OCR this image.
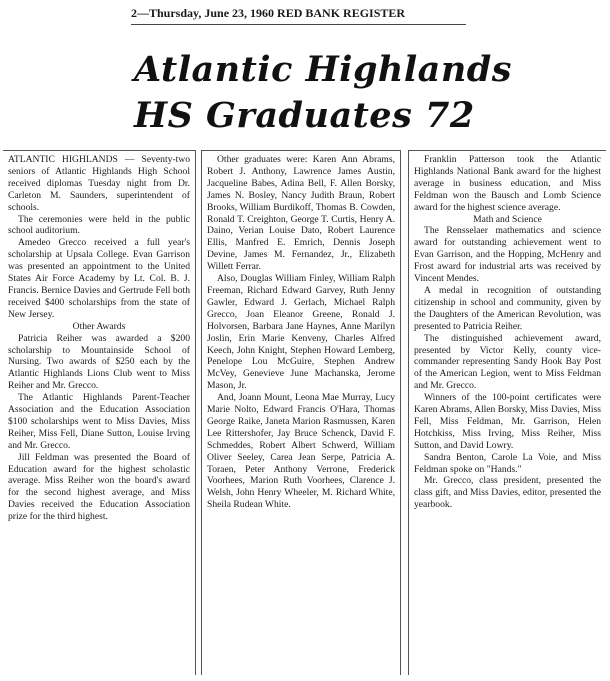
2—Thursday, June 23, 1960 RED BANK REGISTER
Atlantic Highlands
HS Graduates 72

ATLANTIC HIGHLANDS — Seventy-two seniors of Atlantic Highlands High School received diplomas Tuesday night from Dr. Carleton M. Saunders, superintendent of schools.

The ceremonies were held in the public school auditorium.

Amedeo Grecco received a full year's scholarship at Upsala College. Evan Garrison was presented an appointment to the United States Air Force Academy by Lt. Col. B. J. Francis. Bernice Davies and Gertrude Fell both received $400 scholarships from the state of New Jersey.

Other Awards

Patricia Reiher was awarded a $200 scholarship to Mountainside School of Nursing. Two awards of $250 each by the Atlantic Highlands Lions Club went to Miss Reiher and Mr. Grecco.

The Atlantic Highlands Parent-Teacher Association and the Education Association $100 scholarships went to Miss Davies, Miss Reiher, Miss Fell, Diane Sutton, Louise Irving and Mr. Grecco.

Jill Feldman was presented the Board of Education award for the highest scholastic average. Miss Reiher won the board's award for the second highest average, and Miss Davies received the Education Association prize for the third highest.

Other graduates were: Karen Ann Abrams, Robert J. Anthony, Lawrence James Austin, Jacqueline Babes, Adina Bell, F. Allen Borsky, James N. Bosley, Nancy Judith Braun, Robert Brooks, William Burdikoff, Thomas B. Cowden, Ronald T. Creighton, George T. Curtis, Henry A. Daino, Verian Louise Dato, Robert Laurence Ellis, Manfred E. Emrich, Dennis Joseph Devine, James M. Fernandez, Jr., Elizabeth Willett Ferrar.

Also, Douglas William Finley, William Ralph Freeman, Richard Edward Garvey, Ruth Jenny Gawler, Edward J. Gerlach, Michael Ralph Grecco, Joan Eleanor Greene, Ronald J. Holvorsen, Barbara Jane Haynes, Anne Marilyn Joslin, Erin Marie Kenveny, Charles Alfred Keech, John Knight, Stephen Howard Lemberg, Penelope Lou McGuire, Stephen Andrew McVey, Genevieve June Machanska, Jerome Mason, Jr.

And, Joann Mount, Leona Mae Murray, Lucy Marie Nolto, Edward Francis O'Hara, Thomas George Raike, Janeta Marion Rasmussen, Karen Lee Rittershofer, Jay Bruce Schenck, David F. Schmeddes, Robert Albert Schwerd, William Oliver Seeley, Carea Jean Serpe, Patricia A. Toraen, Peter Anthony Verrone, Frederick Voorhees, Marion Ruth Voorhees, Clarence J. Welsh, John Henry Wheeler, M. Richard White, Sheila Rudean White.

Franklin Patterson took the Atlantic Highlands National Bank award for the highest average in business education, and Miss Feldman won the Bausch and Lomb Science award for the highest science average.

Math and Science

The Rensselaer mathematics and science award for outstanding achievement went to Evan Garrison, and the Hopping, McHenry and Frost award for industrial arts was received by Vincent Mendes.

A medal in recognition of outstanding citizenship in school and community, given by the Daughters of the American Revolution, was presented to Patricia Reiher.

The distinguished achievement award, presented by Victor Kelly, county vice-commander representing Sandy Hook Bay Post of the American Legion, went to Miss Feldman and Mr. Grecco.

Winners of the 100-point certificates were Karen Abrams, Allen Borsky, Miss Davies, Miss Fell, Miss Feldman, Mr. Garrison, Helen Hotchkiss, Miss Irving, Miss Reiher, Miss Sutton, and David Lowry.

Sandra Benton, Carole La Voie, and Miss Feldman spoke on "Hands."

Mr. Grecco, class president, presented the class gift, and Miss Davies, editor, presented the yearbook.
